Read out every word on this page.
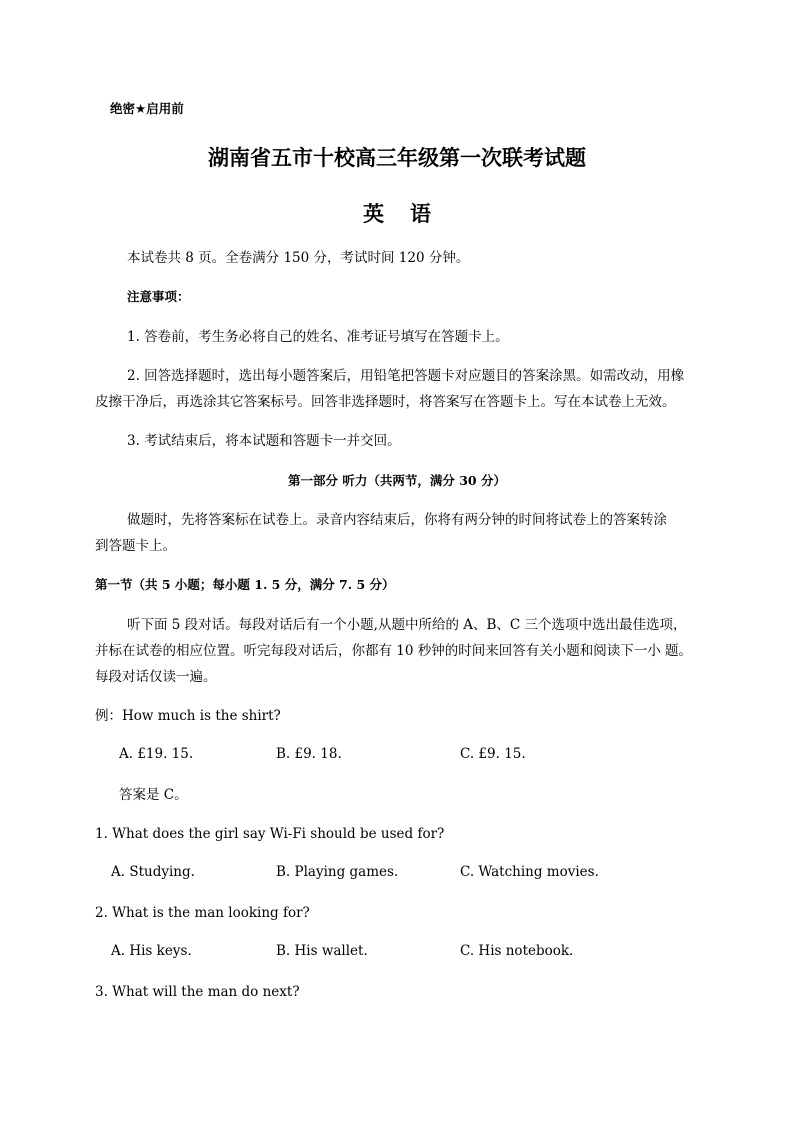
绝密★启用前
湖南省五市十校高三年级第一次联考试题
英语
本试卷共 8 页。全卷满分 150 分，考试时间 120 分钟。
注意事项：
1. 答卷前，考生务必将自己的姓名、准考证号填写在答题卡上。
2. 回答选择题时，选出每小题答案后，用铅笔把答题卡对应题目的答案涂黑。如需改动，用橡
皮擦干净后，再选涂其它答案标号。回答非选择题时，将答案写在答题卡上。写在本试卷上无效。
3. 考试结束后，将本试题和答题卡一并交回。
第一部分 听力（共两节，满分 30 分）
做题时，先将答案标在试卷上。录音内容结束后，你将有两分钟的时间将试卷上的答案转涂
到答题卡上。
第一节（共 5 小题；每小题 1. 5 分，满分 7. 5 分）
听下面 5 段对话。每段对话后有一个小题,从题中所给的 A、B、C 三个选项中选出最佳选项，
并标在试卷的相应位置。听完每段对话后，你都有 10 秒钟的时间来回答有关小题和阅读下一小 题。
每段对话仅读一遍。
例：How much is the shirt?
A. £19. 15.	B. £9. 18.	C. £9. 15.
答案是 C。
1. What does the girl say Wi-Fi should be used for?
A. Studying.	B. Playing games.	C. Watching movies.
2. What is the man looking for?
A. His keys.	B. His wallet.	C. His notebook.
3. What will the man do next?
